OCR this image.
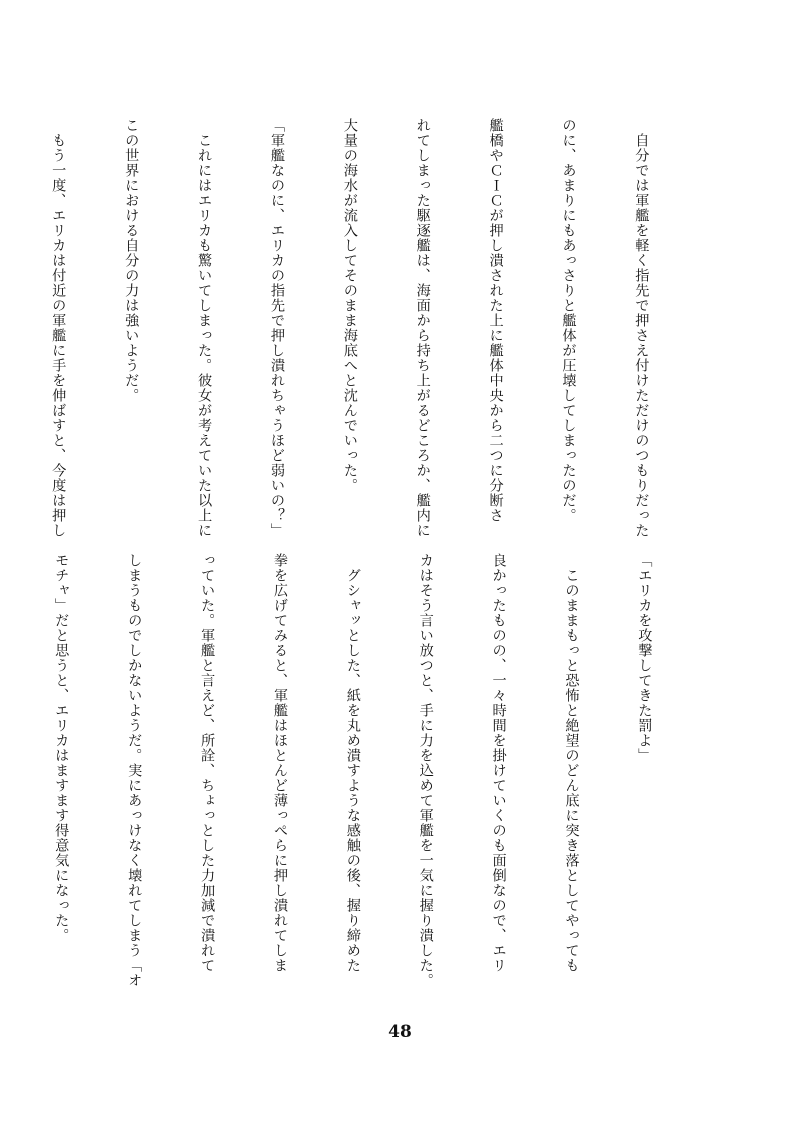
　自分では軍艦を軽く指先で押さえ付けただけのつもりだった

のに、あまりにもあっさりと艦体が圧壊してしまったのだ。

艦橋やＣＩＣが押し潰された上に艦体中央から二つに分断さ

れてしまった駆逐艦は、海面から持ち上がるどころか、艦内に

大量の海水が流入してそのまま海底へと沈んでいった。

「軍艦なのに、エリカの指先で押し潰れちゃうほど弱いの？」

　これにはエリカも驚いてしまった。彼女が考えていた以上に

この世界における自分の力は強いようだ。

　もう一度、エリカは付近の軍艦に手を伸ばすと、今度は押し

「エリカを攻撃してきた罰よ」

　このままもっと恐怖と絶望のどん底に突き落としてやっても

良かったものの、一々時間を掛けていくのも面倒なので、エリ

カはそう言い放つと、手に力を込めて軍艦を一気に握り潰した。

　グシャッとした、紙を丸め潰すような感触の後、握り締めた

拳を広げてみると、軍艦はほとんど薄っぺらに押し潰れてしま

っていた。軍艦と言えど、所詮、ちょっとした力加減で潰れて

しまうものでしかないようだ。実にあっけなく壊れてしまう「オ

モチャ」だと思うと、エリカはますます得意気になった。

48
